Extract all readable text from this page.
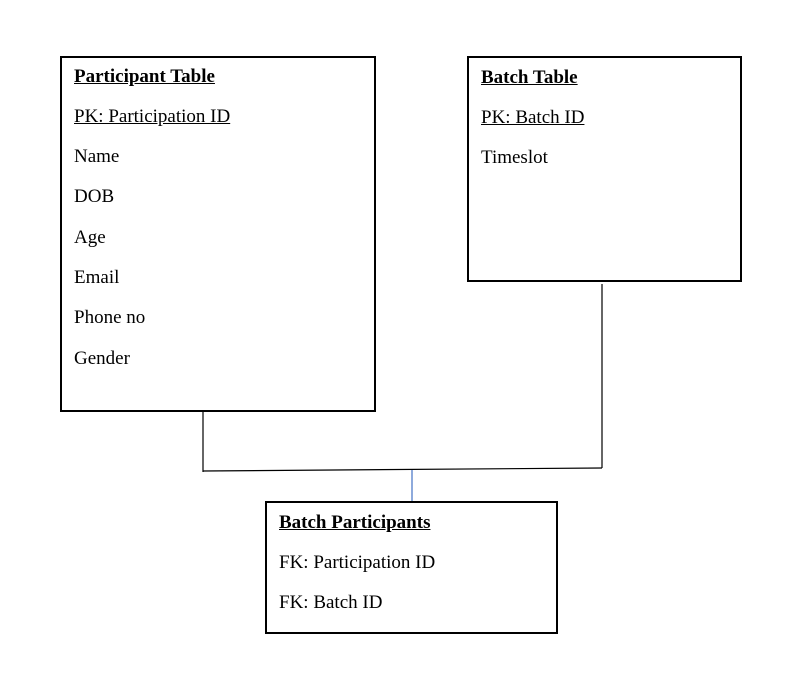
Participant Table
PK: Participation ID
Name
DOB
Age
Email
Phone no
Gender
Batch Table
PK: Batch ID
Timeslot
Batch Participants
FK: Participation ID
FK: Batch ID
